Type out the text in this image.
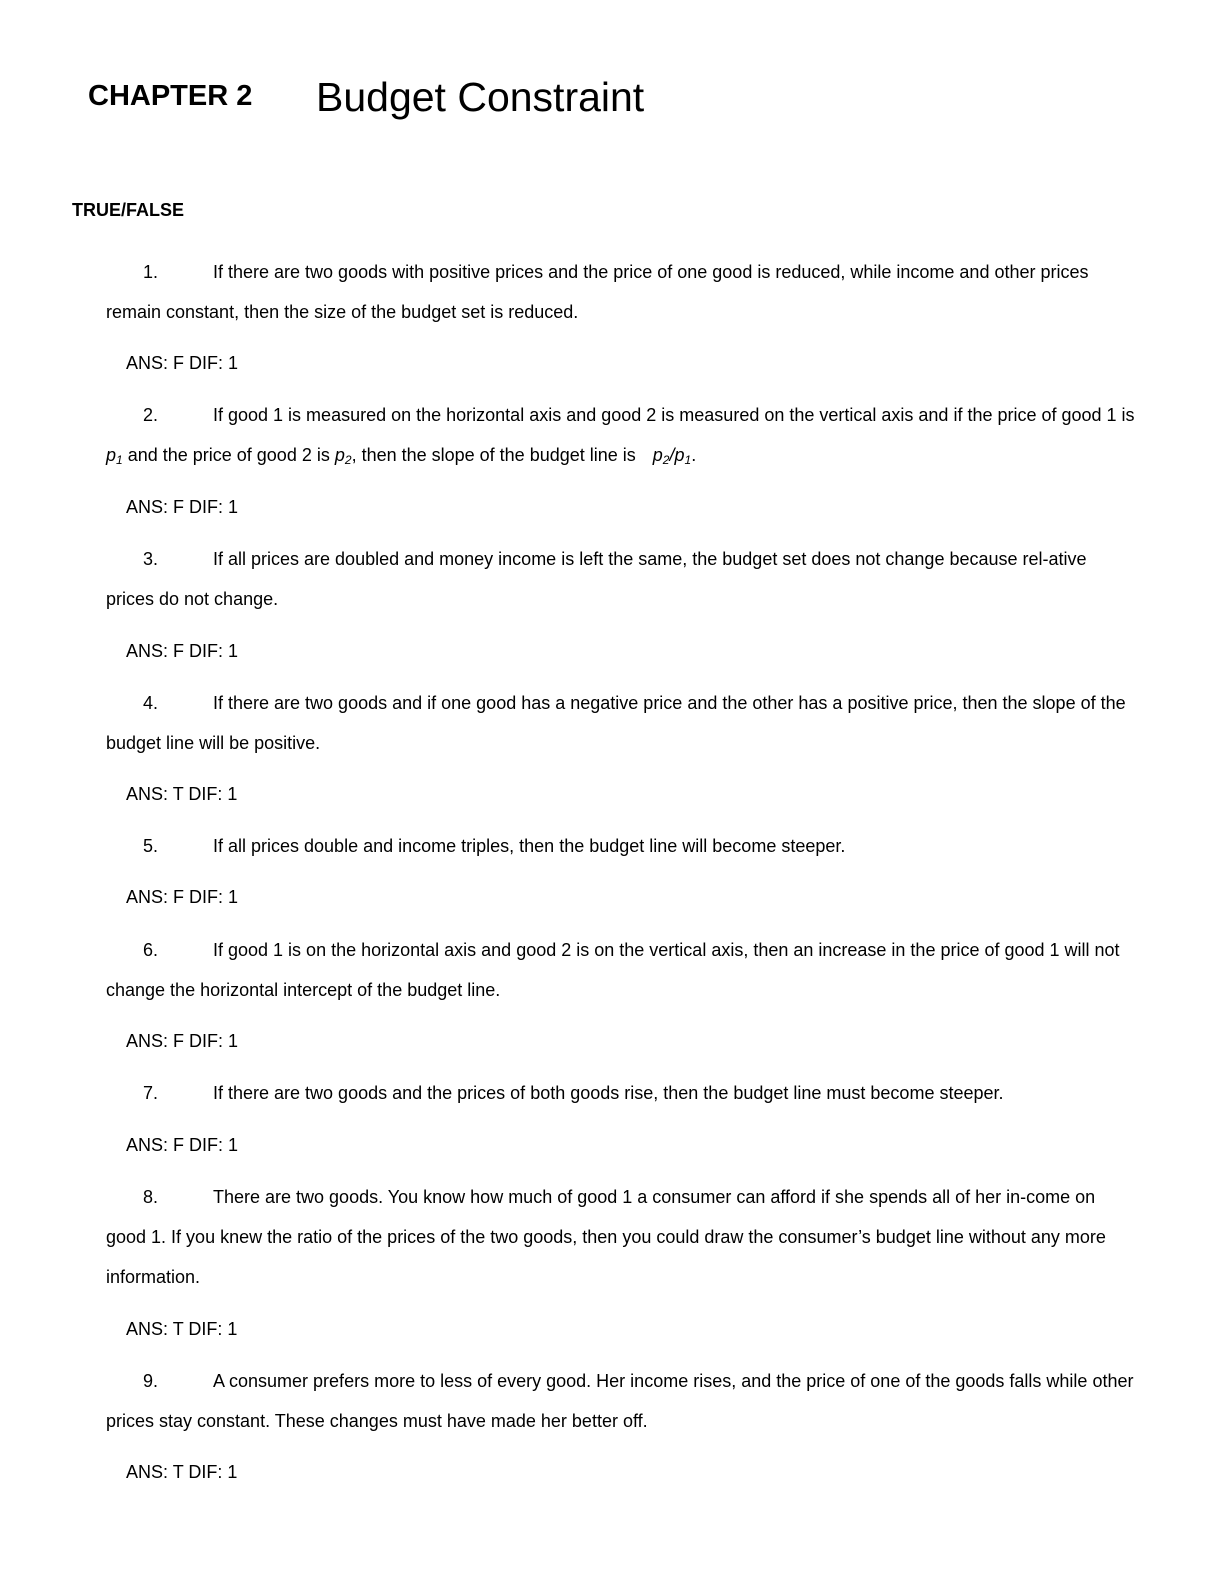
CHAPTER 2 Budget Constraint
TRUE/FALSE

1.	If there are two goods with positive prices and the price of one good is reduced, while income and other prices remain constant, then the size of the budget set is reduced.

ANS: F DIF: 1

2.	If good 1 is measured on the horizontal axis and good 2 is measured on the vertical axis and if the price of good 1 is $p_1$ and the price of good 2 is $p_2$, then the slope of the budget line is $p_2/p_1$.

ANS: F DIF: 1

3.	If all prices are doubled and money income is left the same, the budget set does not change because rel-ative prices do not change.

ANS: F DIF: 1

4.	If there are two goods and if one good has a negative price and the other has a positive price, then the slope of the budget line will be positive.

ANS: T DIF: 1

5.	If all prices double and income triples, then the budget line will become steeper.

ANS: F DIF: 1

6.	If good 1 is on the horizontal axis and good 2 is on the vertical axis, then an increase in the price of good 1 will not change the horizontal intercept of the budget line.

ANS: F DIF: 1

7.	If there are two goods and the prices of both goods rise, then the budget line must become steeper.

ANS: F DIF: 1

8.	There are two goods. You know how much of good 1 a consumer can afford if she spends all of her in-come on good 1. If you knew the ratio of the prices of the two goods, then you could draw the consumer’s budget line without any more information.

ANS: T DIF: 1

9.	A consumer prefers more to less of every good. Her income rises, and the price of one of the goods falls while other prices stay constant. These changes must have made her better off.

ANS: T DIF: 1
